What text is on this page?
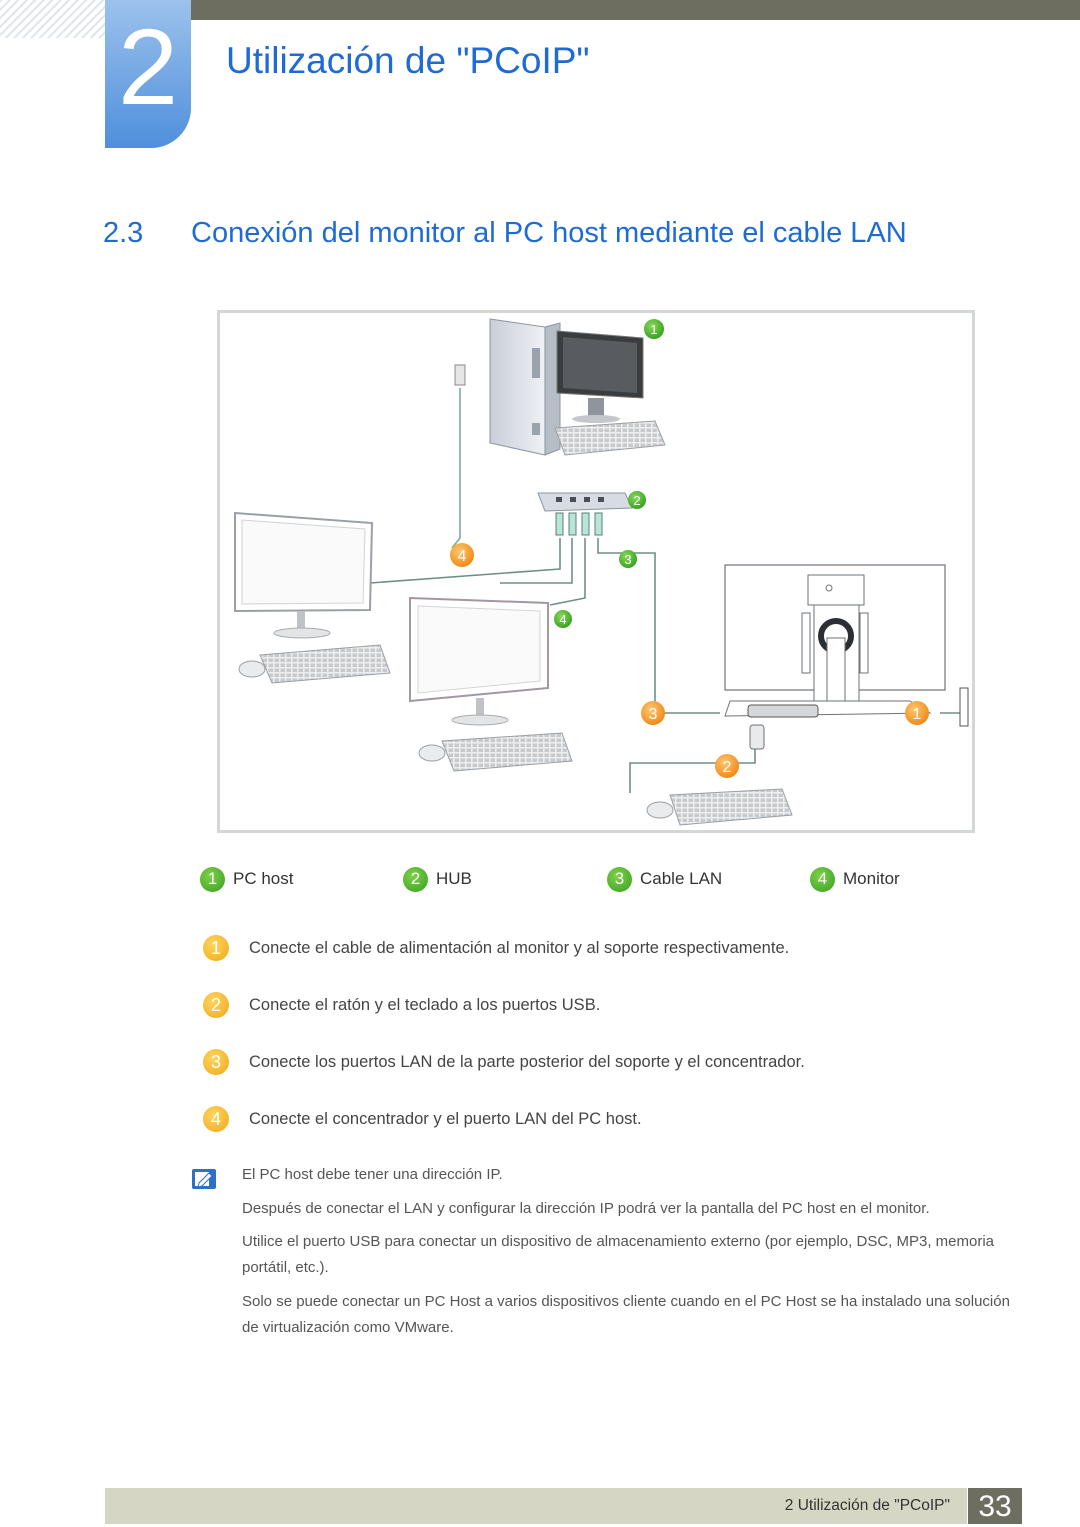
2	Utilización de "PCoIP"
2.3 Conexión del monitor al PC host mediante el cable LAN
1
2
3
4
4
1
2
3
1 PC host	2 HUB	3 Cable LAN	4 Monitor
1	Conecte el cable de alimentación al monitor y al soporte respectivamente.
2	Conecte el ratón y el teclado a los puertos USB.
3	Conecte los puertos LAN de la parte posterior del soporte y el concentrador.
4	Conecte el concentrador y el puerto LAN del PC host.
El PC host debe tener una dirección IP.
Después de conectar el LAN y configurar la dirección IP podrá ver la pantalla del PC host en el monitor.
Utilice el puerto USB para conectar un dispositivo de almacenamiento externo (por ejemplo, DSC, MP3, memoria portátil, etc.).
Solo se puede conectar un PC Host a varios dispositivos cliente cuando en el PC Host se ha instalado una solución de virtualización como VMware.
2 Utilización de "PCoIP" 33
